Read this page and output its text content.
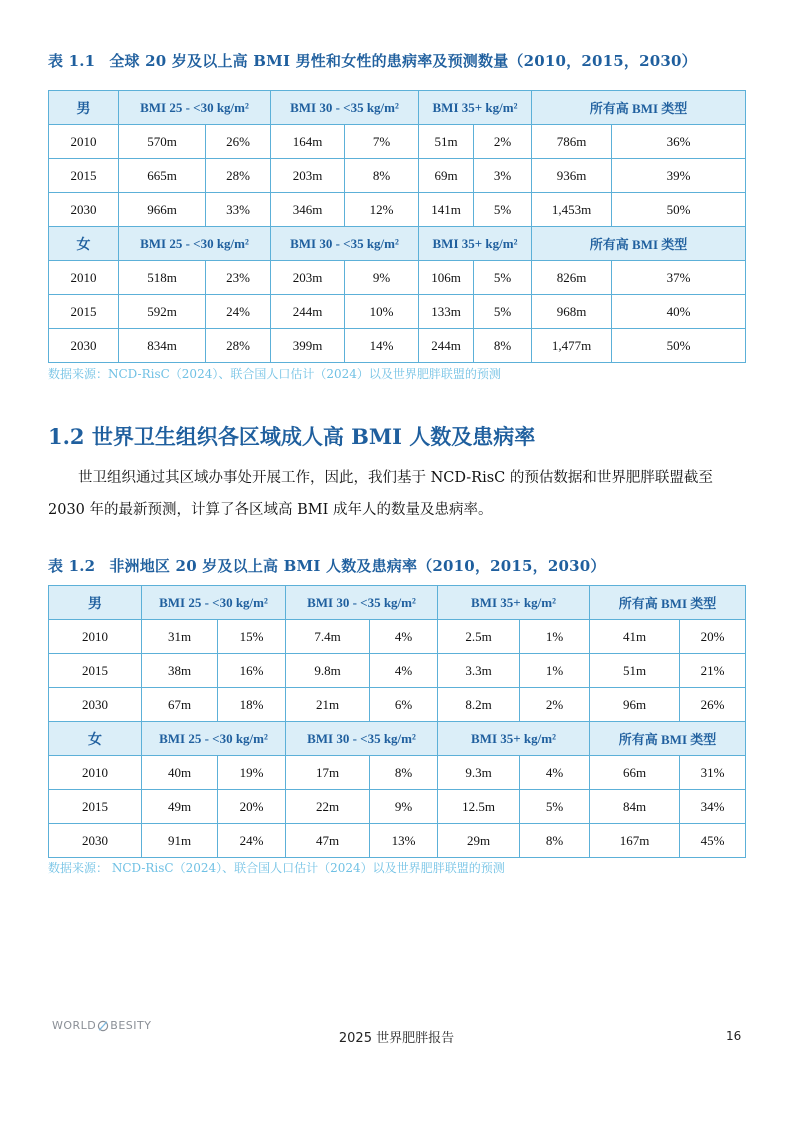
表 1.1 全球 20 岁及以上高 BMI 男性和女性的患病率及预测数量（2010，2015，2030）
男	BMI 25 - <30 kg/m²		BMI 30 - <35 kg/m²		BMI 35+ kg/m²		所有高 BMI 类型	
2010	570m	26%	164m	7%	51m	2%	786m	36%
2015	665m	28%	203m	8%	69m	3%	936m	39%
2030	966m	33%	346m	12%	141m	5%	1,453m	50%
女	BMI 25 - <30 kg/m²		BMI 30 - <35 kg/m²		BMI 35+ kg/m²		所有高 BMI 类型	
2010	518m	23%	203m	9%	106m	5%	826m	37%
2015	592m	24%	244m	10%	133m	5%	968m	40%
2030	834m	28%	399m	14%	244m	8%	1,477m	50%
数据来源：NCD-RisC（2024）、联合国人口估计（2024）以及世界肥胖联盟的预测
1.2 世界卫生组织各区域成人高 BMI 人数及患病率
世卫组织通过其区域办事处开展工作，因此，我们基于 NCD-RisC 的预估数据和世界肥胖联盟截至 2030 年的最新预测，计算了各区域高 BMI 成年人的数量及患病率。
表 1.2 非洲地区 20 岁及以上高 BMI 人数及患病率（2010，2015，2030）
男	BMI 25 - <30 kg/m²		BMI 30 - <35 kg/m²		BMI 35+ kg/m²		所有高 BMI 类型	
2010	31m	15%	7.4m	4%	2.5m	1%	41m	20%
2015	38m	16%	9.8m	4%	3.3m	1%	51m	21%
2030	67m	18%	21m	6%	8.2m	2%	96m	26%
女	BMI 25 - <30 kg/m²		BMI 30 - <35 kg/m²		BMI 35+ kg/m²		所有高 BMI 类型	
2010	40m	19%	17m	8%	9.3m	4%	66m	31%
2015	49m	20%	22m	9%	12.5m	5%	84m	34%
2030	91m	24%	47m	13%	29m	8%	167m	45%
数据来源： NCD-RisC（2024）、联合国人口估计（2024）以及世界肥胖联盟的预测
WORLD BESITY
2025 世界肥胖报告	16
